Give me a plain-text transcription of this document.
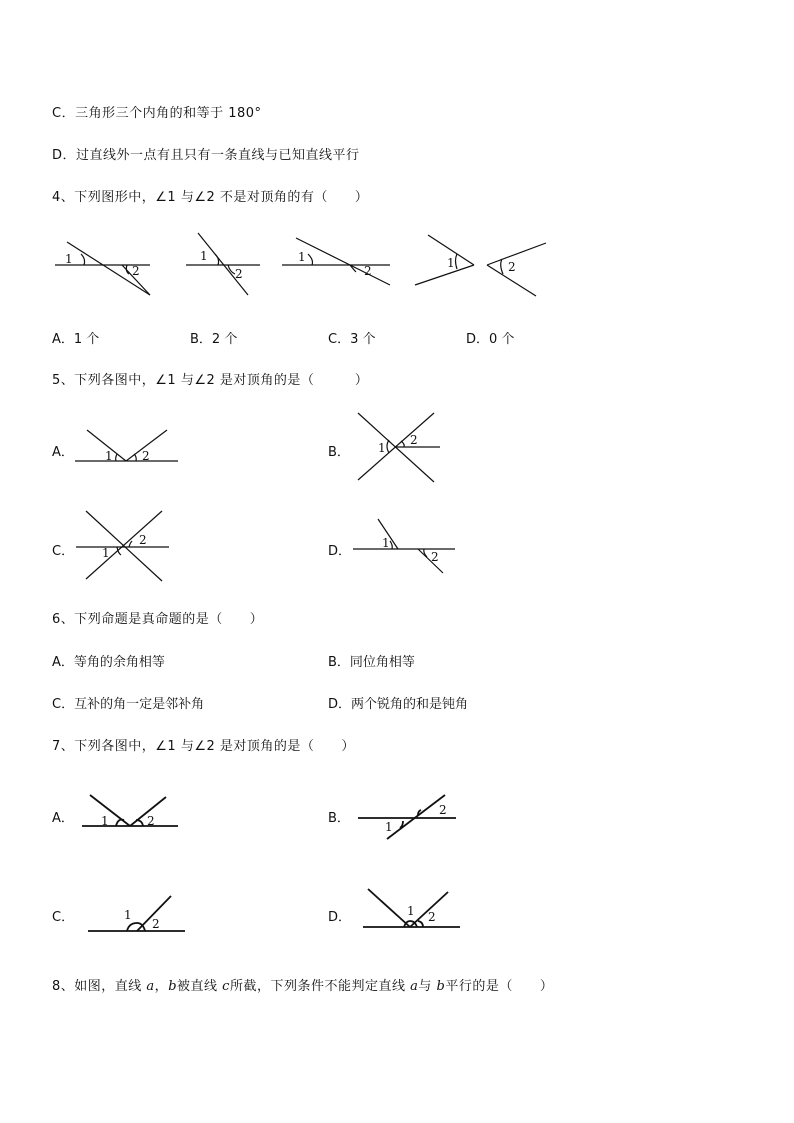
C．三角形三个内角的和等于 180°
D．过直线外一点有且只有一条直线与已知直线平行
4、下列图形中，∠1 与∠2 不是对顶角的有（　　）
1
2
1
2
1
2
1	2
A．1 个	B．2 个	C．3 个	D．0 个
5、下列各图中，∠1 与∠2 是对顶角的是（　　　）
A．	1 2	B． 1
2
C． 1
2
D．
1
2
6、下列命题是真命题的是（　　）
A．等角的余角相等	B．同位角相等
C．互补的角一定是邻补角	D．两个锐角的和是钝角
7、下列各图中，∠1 与∠2 是对顶角的是（　　）
A． 1	2	B．
1
2
C．	1
2	D．	1 2
8、如图，直线 a，b被直线 c所截，下列条件不能判定直线 a与 b平行的是（　　）
